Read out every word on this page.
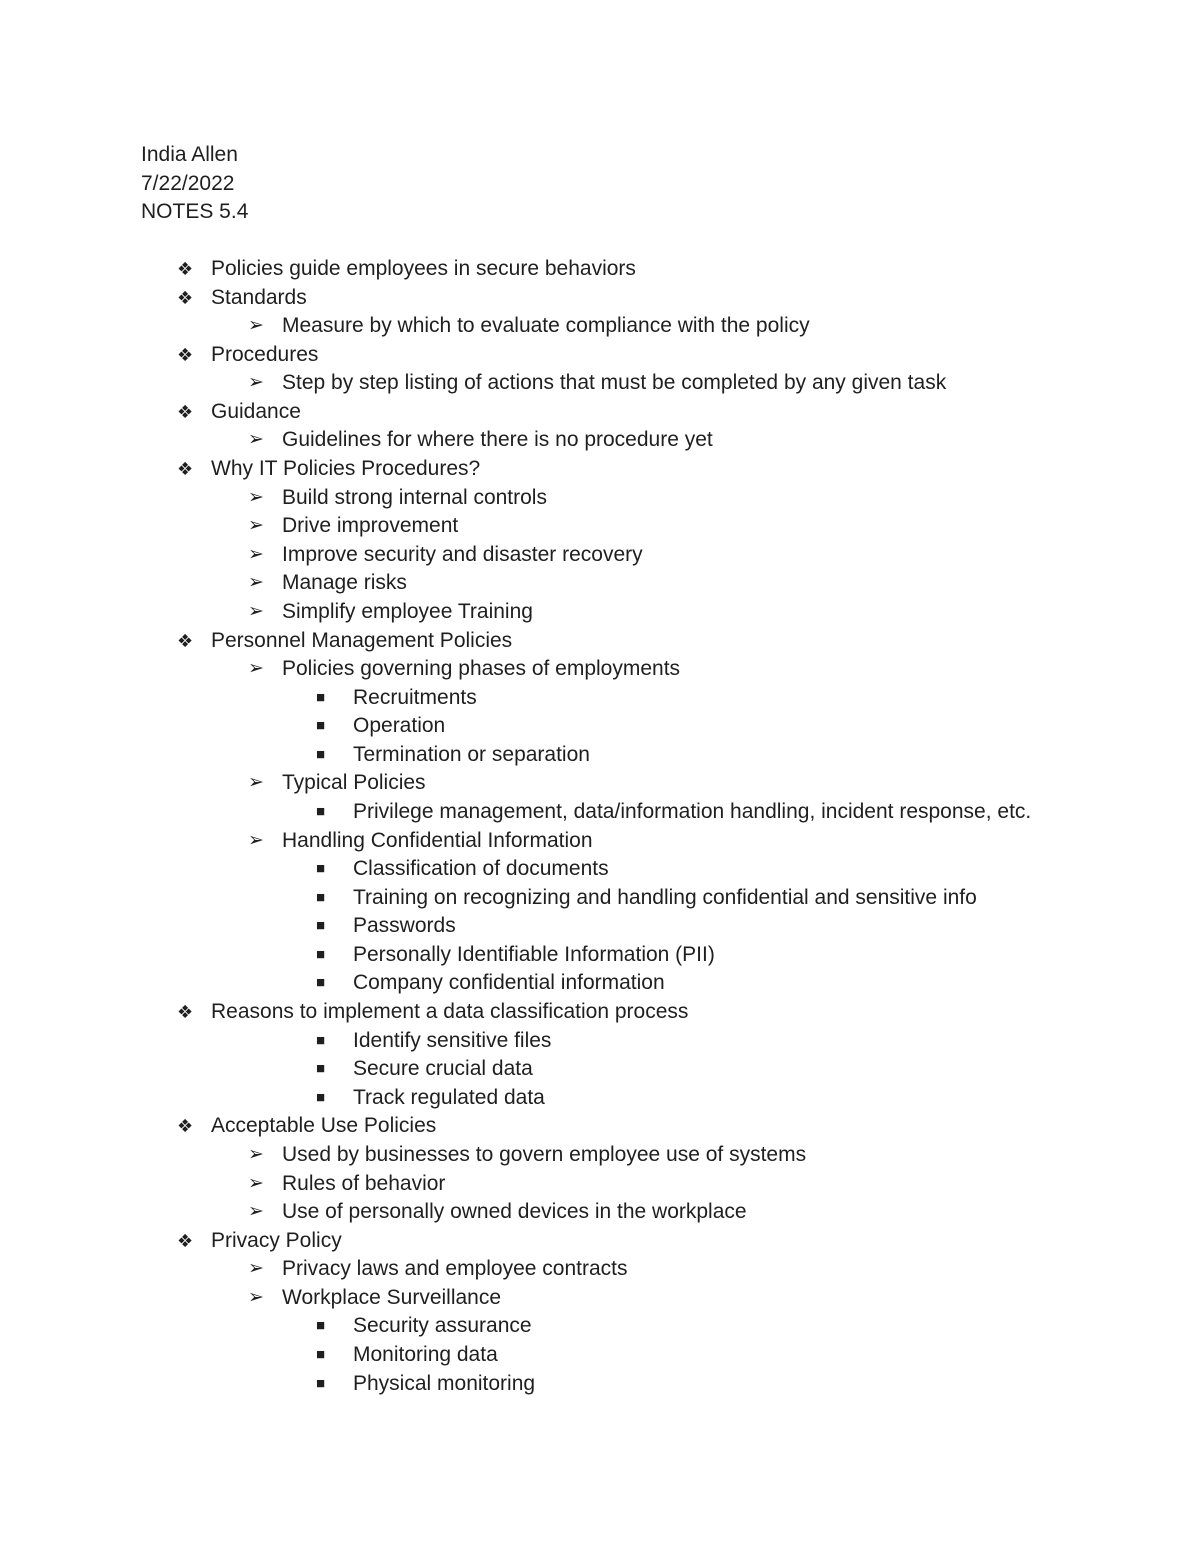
India Allen
7/22/2022
NOTES 5.4
❖ Policies guide employees in secure behaviors
❖ Standards
➢ Measure by which to evaluate compliance with the policy
❖ Procedures
➢ Step by step listing of actions that must be completed by any given task
❖ Guidance
➢ Guidelines for where there is no procedure yet
❖ Why IT Policies Procedures?
➢ Build strong internal controls
➢ Drive improvement
➢ Improve security and disaster recovery
➢ Manage risks
➢ Simplify employee Training
❖ Personnel Management Policies
➢ Policies governing phases of employments
■	Recruitments
■	Operation
■	Termination or separation
➢ Typical Policies
■	Privilege management, data/information handling, incident response, etc.
➢ Handling Confidential Information
■	Classification of documents
■	Training on recognizing and handling confidential and sensitive info
■	Passwords
■	Personally Identifiable Information (PII)
■	Company confidential information
❖ Reasons to implement a data classification process
■	Identify sensitive files
■	Secure crucial data
■	Track regulated data
❖ Acceptable Use Policies
➢ Used by businesses to govern employee use of systems
➢ Rules of behavior
➢ Use of personally owned devices in the workplace
❖ Privacy Policy
➢ Privacy laws and employee contracts
➢ Workplace Surveillance
■	Security assurance
■	Monitoring data
■	Physical monitoring
